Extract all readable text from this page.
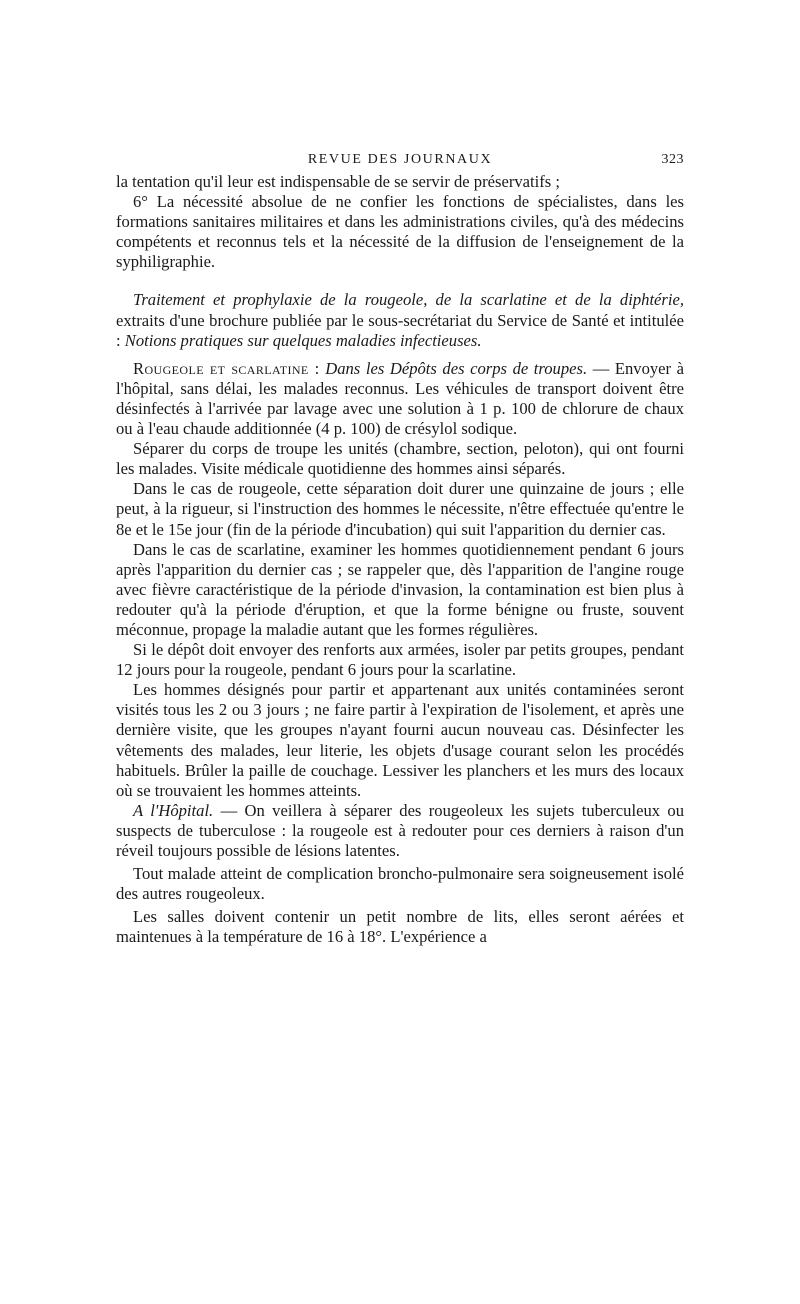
REVUE DES JOURNAUX	323

la tentation qu'il leur est indispensable de se servir de préservatifs ;

6° La nécessité absolue de ne confier les fonctions de spécialistes, dans les formations sanitaires militaires et dans les administrations civiles, qu'à des médecins compétents et reconnus tels et la nécessité de la diffusion de l'enseignement de la syphiligraphie.

Traitement et prophylaxie de la rougeole, de la scarlatine et de la diphtérie, extraits d'une brochure publiée par le sous-secrétariat du Service de Santé et intitulée : Notions pratiques sur quelques maladies infectieuses.

Rougeole et scarlatine : Dans les Dépôts des corps de troupes. — Envoyer à l'hôpital, sans délai, les malades reconnus. Les véhicules de transport doivent être désinfectés à l'arrivée par lavage avec une solution à 1 p. 100 de chlorure de chaux ou à l'eau chaude additionnée (4 p. 100) de crésylol sodique.

Séparer du corps de troupe les unités (chambre, section, peloton), qui ont fourni les malades. Visite médicale quotidienne des hommes ainsi séparés.

Dans le cas de rougeole, cette séparation doit durer une quinzaine de jours ; elle peut, à la rigueur, si l'instruction des hommes le nécessite, n'être effectuée qu'entre le 8e et le 15e jour (fin de la période d'incubation) qui suit l'apparition du dernier cas.

Dans le cas de scarlatine, examiner les hommes quotidiennement pendant 6 jours après l'apparition du dernier cas ; se rappeler que, dès l'apparition de l'angine rouge avec fièvre caractéristique de la période d'invasion, la contamination est bien plus à redouter qu'à la période d'éruption, et que la forme bénigne ou fruste, souvent méconnue, propage la maladie autant que les formes régulières.

Si le dépôt doit envoyer des renforts aux armées, isoler par petits groupes, pendant 12 jours pour la rougeole, pendant 6 jours pour la scarlatine.

Les hommes désignés pour partir et appartenant aux unités contaminées seront visités tous les 2 ou 3 jours ; ne faire partir à l'expiration de l'isolement, et après une dernière visite, que les groupes n'ayant fourni aucun nouveau cas. Désinfecter les vêtements des malades, leur literie, les objets d'usage courant selon les procédés habituels. Brûler la paille de couchage. Lessiver les planchers et les murs des locaux où se trouvaient les hommes atteints.

A l'Hôpital. — On veillera à séparer des rougeoleux les sujets tuberculeux ou suspects de tuberculose : la rougeole est à redouter pour ces derniers à raison d'un réveil toujours possible de lésions latentes.

Tout malade atteint de complication broncho-pulmonaire sera soigneusement isolé des autres rougeoleux.

Les salles doivent contenir un petit nombre de lits, elles seront aérées et maintenues à la température de 16 à 18°. L'expérience a
